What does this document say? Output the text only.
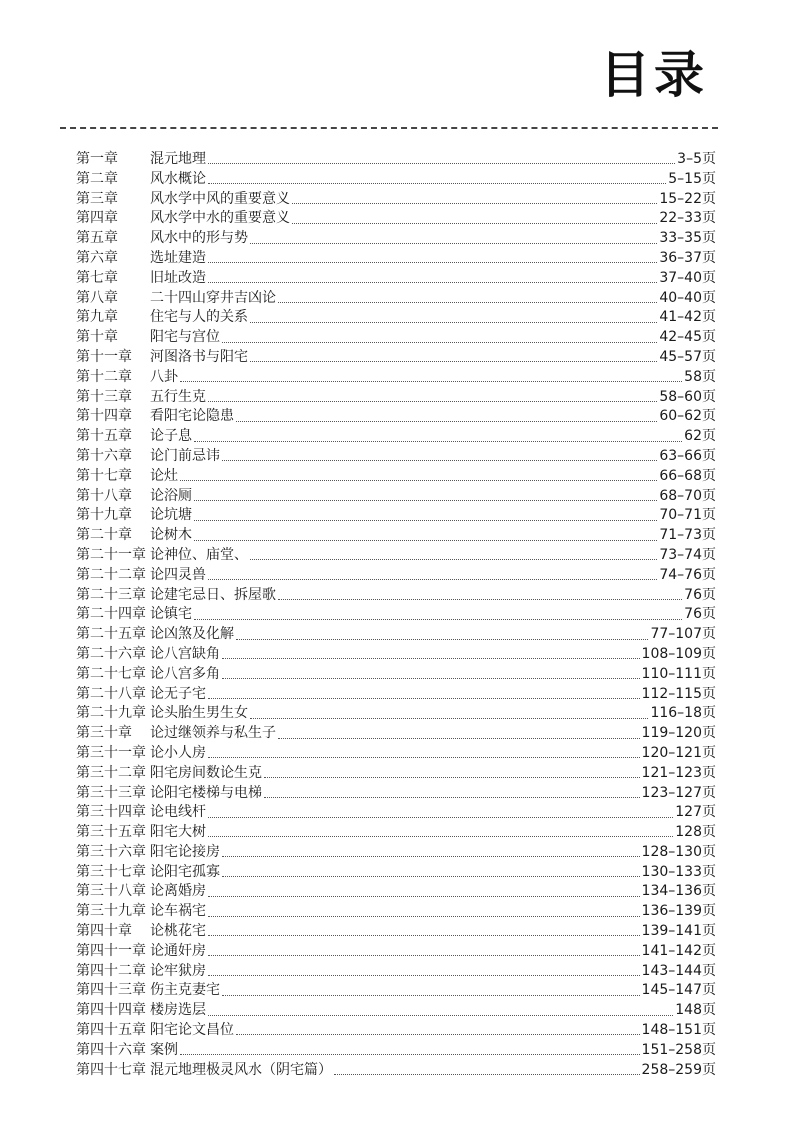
目录
第一章	混元地理	3–5页
第二章	风水概论	5–15页
第三章	风水学中风的重要意义	15–22页
第四章	风水学中水的重要意义	22–33页
第五章	风水中的形与势	33–35页
第六章	选址建造	36–37页
第七章	旧址改造	37–40页
第八章	二十四山穿井吉凶论	40–40页
第九章	住宅与人的关系	41–42页
第十章	阳宅与宫位	42–45页
第十一章	河图洛书与阳宅	45–57页
第十二章	八卦	58页
第十三章	五行生克	58–60页
第十四章	看阳宅论隐患	60–62页
第十五章	论子息	62页
第十六章	论门前忌讳	63–66页
第十七章	论灶	66–68页
第十八章	论浴厕	68–70页
第十九章	论坑塘	70–71页
第二十章	论树木	71–73页
第二十一章 论神位、庙堂、	73–74页
第二十二章 论四灵兽	74–76页
第二十三章 论建宅忌日、拆屋歌	76页
第二十四章 论镇宅	76页
第二十五章 论凶煞及化解	77–107页
第二十六章 论八宫缺角	108–109页
第二十七章 论八宫多角	110–111页
第二十八章 论无子宅	112–115页
第二十九章 论头胎生男生女	116–18页
第三十章	论过继领养与私生子	119–120页
第三十一章 论小人房	120–121页
第三十二章 阳宅房间数论生克	121–123页
第三十三章 论阳宅楼梯与电梯	123–127页
第三十四章 论电线杆	127页
第三十五章 阳宅大树	128页
第三十六章 阳宅论接房	128–130页
第三十七章 论阳宅孤寡	130–133页
第三十八章 论离婚房	134–136页
第三十九章 论车祸宅	136–139页
第四十章	论桃花宅	139–141页
第四十一章 论通奸房	141–142页
第四十二章 论牢狱房	143–144页
第四十三章 伤主克妻宅	145–147页
第四十四章 楼房选层	148页
第四十五章 阳宅论文昌位	148–151页
第四十六章 案例	151–258页
第四十七章 混元地理极灵风水（阴宅篇）	258–259页
